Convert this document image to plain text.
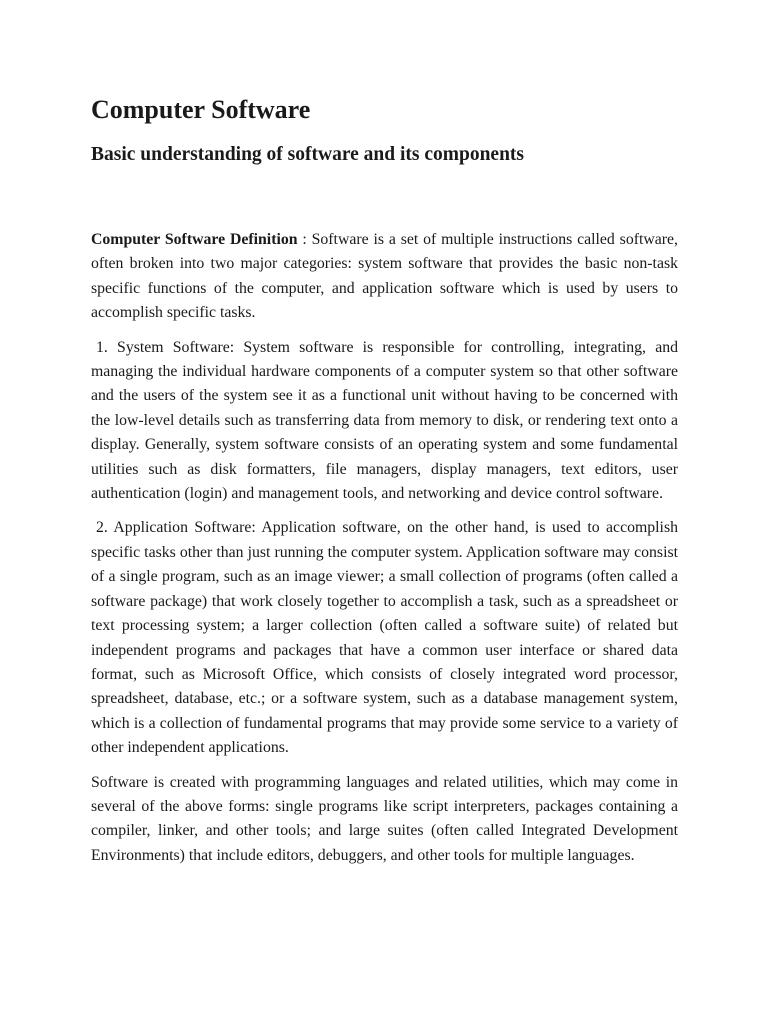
Computer Software
Basic understanding of software and its components

Computer Software Definition : Software is a set of multiple instructions called software, often broken into two major categories: system software that provides the basic non-task specific functions of the computer, and application software which is used by users to accomplish specific tasks.

1. System Software: System software is responsible for controlling, integrating, and managing the individual hardware components of a computer system so that other software and the users of the system see it as a functional unit without having to be concerned with the low-level details such as transferring data from memory to disk, or rendering text onto a display. Generally, system software consists of an operating system and some fundamental utilities such as disk formatters, file managers, display managers, text editors, user authentication (login) and management tools, and networking and device control software.

2. Application Software: Application software, on the other hand, is used to accomplish specific tasks other than just running the computer system. Application software may consist of a single program, such as an image viewer; a small collection of programs (often called a software package) that work closely together to accomplish a task, such as a spreadsheet or text processing system; a larger collection (often called a software suite) of related but independent programs and packages that have a common user interface or shared data format, such as Microsoft Office, which consists of closely integrated word processor, spreadsheet, database, etc.; or a software system, such as a database management system, which is a collection of fundamental programs that may provide some service to a variety of other independent applications.

Software is created with programming languages and related utilities, which may come in several of the above forms: single programs like script interpreters, packages containing a compiler, linker, and other tools; and large suites (often called Integrated Development Environments) that include editors, debuggers, and other tools for multiple languages.
